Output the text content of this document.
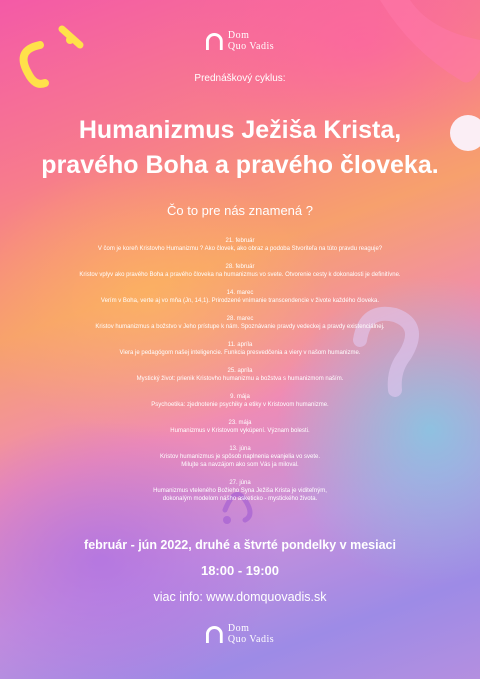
Dom
Quo Vadis
Prednáškový cyklus:
Humanizmus Ježiša Krista,
pravého Boha a pravého človeka.
Čo to pre nás znamená ?
21. február
V čom je koreň Kristovho Humanizmu ? Ako človek, ako obraz a podoba Stvoriteľa na túto pravdu reaguje?
28. február
Kristov vplyv ako pravého Boha a pravého človeka na humanizmus vo svete. Otvorenie cesty k dokonalosti je definitívne.
14. marec
Verím v Boha, verte aj vo mňa (Jn, 14,1). Prirodzené vnímanie transcendencie v živote každého človeka.
28. marec
Kristov humanizmus a božstvo v Jeho prístupe k nám. Spoznávanie pravdy vedeckej a pravdy existenciálnej.
11. apríla
Viera je pedagógom našej inteligencie. Funkcia presvedčenia a viery v našom humanizme.
25. apríla
Mystický život: prienik Kristovho humanizmu a božstva s humanizmom naším.
9. mája
Psychoetika: zjednotenie psychiky a etiky v Kristovom humanizme.
23. mája
Humanizmus v Kristovom vykúpení. Význam bolesti.
13. júna
Kristov humanizmus je spôsob naplnenia evanjelia vo svete.
Milujte sa navzájom ako som Vás ja miloval.
27. júna
Humanizmus vteleného Božieho Syna Ježiša Krista je viditeľným,
dokonalým modelom nášho asketicko - mystického života.
február - jún 2022, druhé a štvrté pondelky v mesiaci
18:00 - 19:00
viac info: www.domquovadis.sk
Dom
Quo Vadis
